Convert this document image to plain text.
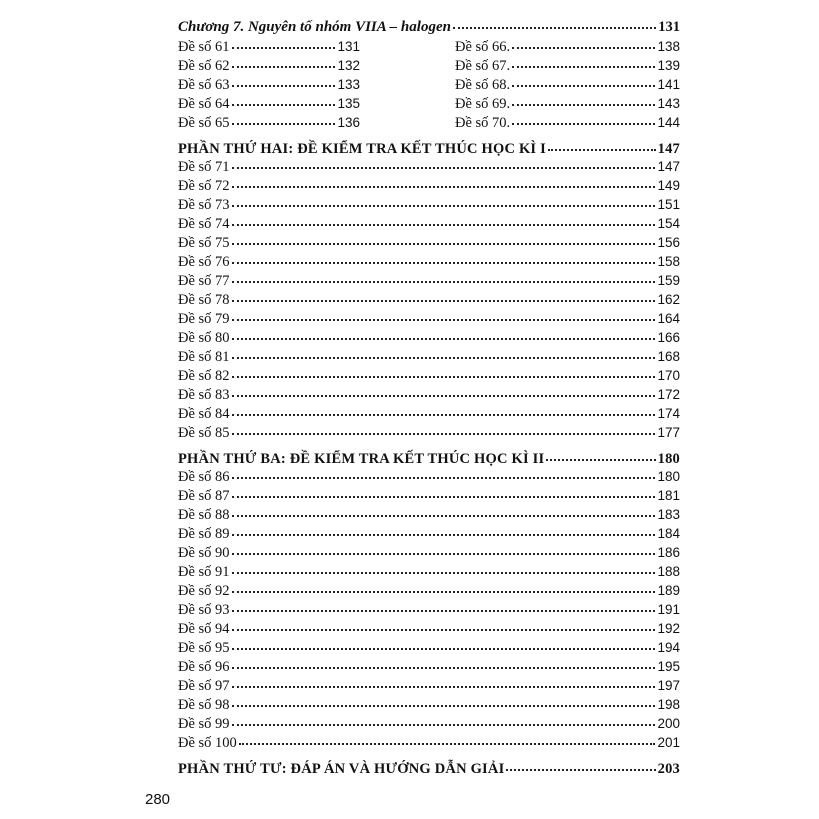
Chương 7. Nguyên tố nhóm VIIA – halogen	131
Đề số 61	131
Đề số 62	132
Đề số 63	133
Đề số 64	135
Đề số 65	136
Đề số 66.	138
Đề số 67.	139
Đề số 68.	141
Đề số 69.	143
Đề số 70.	144
PHẦN THỨ HAI: ĐỀ KIỂM TRA KẾT THÚC HỌC KÌ I	147
Đề số 71	147
Đề số 72	149
Đề số 73	151
Đề số 74	154
Đề số 75	156
Đề số 76	158
Đề số 77	159
Đề số 78	162
Đề số 79	164
Đề số 80	166
Đề số 81	168
Đề số 82	170
Đề số 83	172
Đề số 84	174
Đề số 85	177
PHẦN THỨ BA: ĐỀ KIỂM TRA KẾT THÚC HỌC KÌ II	180
Đề số 86	180
Đề số 87	181
Đề số 88	183
Đề số 89	184
Đề số 90	186
Đề số 91	188
Đề số 92	189
Đề số 93	191
Đề số 94	192
Đề số 95	194
Đề số 96	195
Đề số 97	197
Đề số 98	198
Đề số 99	200
Đề số 100	201
PHẦN THỨ TƯ: ĐÁP ÁN VÀ HƯỚNG DẪN GIẢI	203
280
